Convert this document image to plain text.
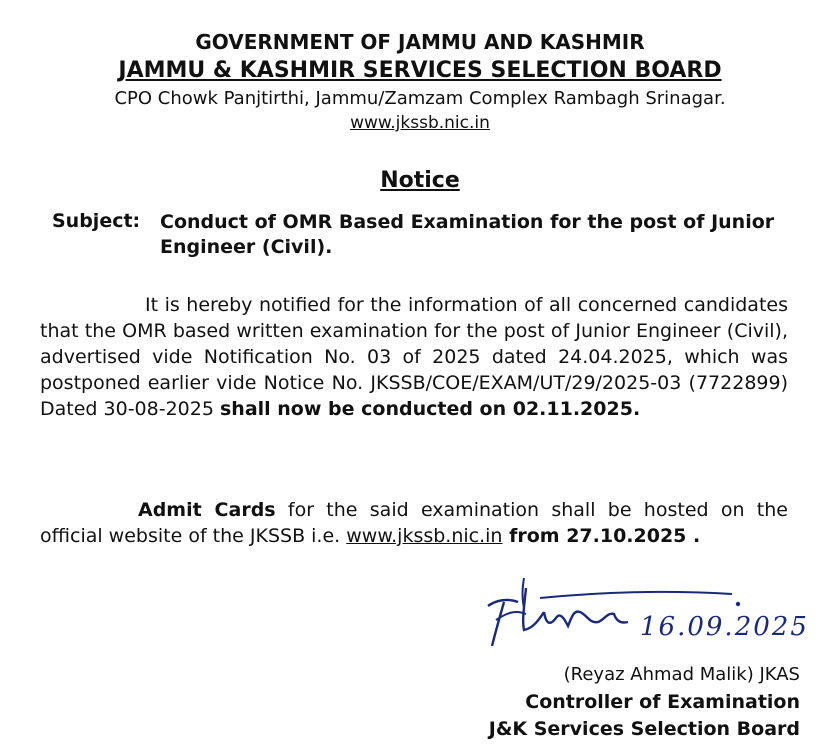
GOVERNMENT OF JAMMU AND KASHMIR
JAMMU & KASHMIR SERVICES SELECTION BOARD
CPO Chowk Panjtirthi, Jammu/Zamzam Complex Rambagh Srinagar.
www.jkssb.nic.in
Notice
Subject: Conduct of OMR Based Examination for the post of Junior Engineer (Civil).
It is hereby notified for the information of all concerned candidates that the OMR based written examination for the post of Junior Engineer (Civil), advertised vide Notification No. 03 of 2025 dated 24.04.2025, which was postponed earlier vide Notice No. JKSSB/COE/EXAM/UT/29/2025-03 (7722899) Dated 30-08-2025 shall now be conducted on 02.11.2025.
Admit Cards for the said examination shall be hosted on the official website of the JKSSB i.e. www.jkssb.nic.in from 27.10.2025 .
16.09.2025
(Reyaz Ahmad Malik) JKAS
Controller of Examination
J&K Services Selection Board
